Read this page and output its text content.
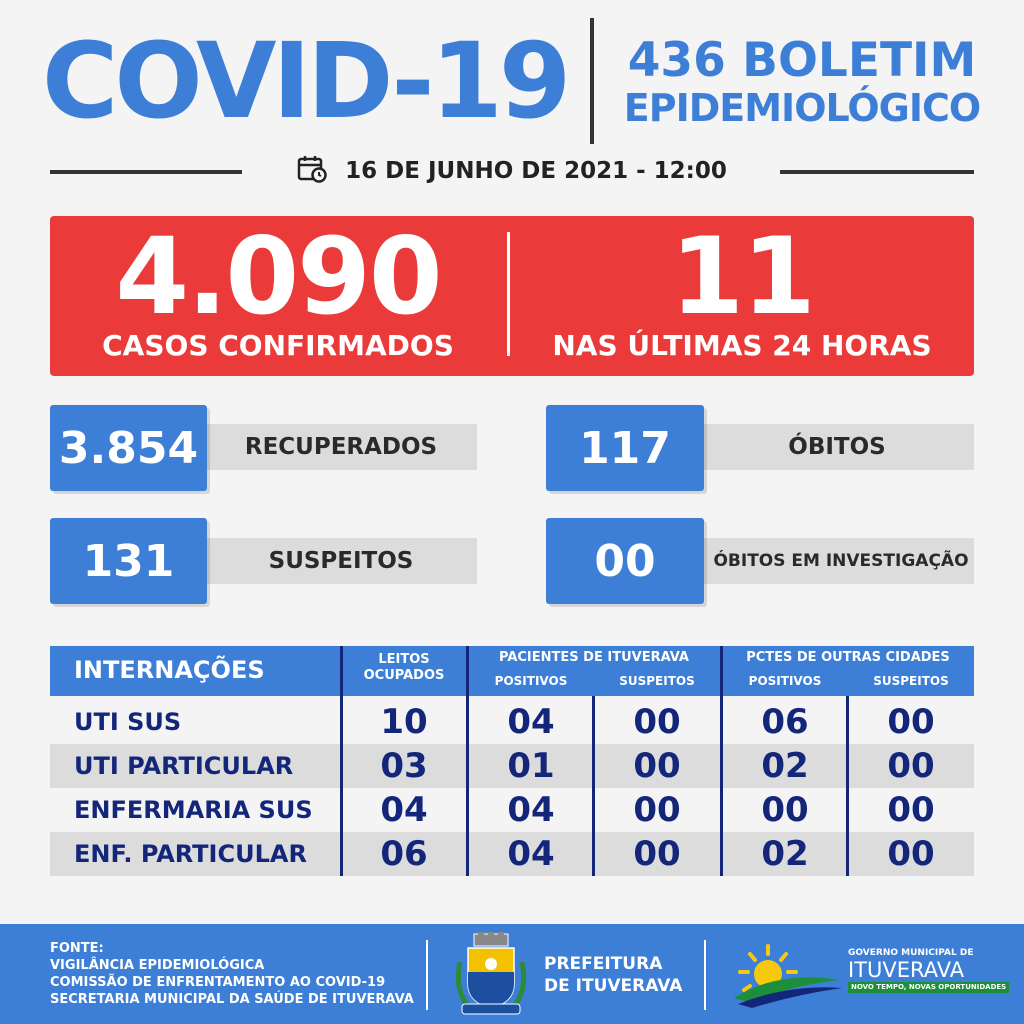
COVID-19 436 BOLETIM
EPIDEMIOLÓGICO
16 DE JUNHO DE 2021 - 12:00
4.090
CASOS CONFIRMADOS
11
NAS ÚLTIMAS 24 HORAS
RECUPERADOS
3.854	ÓBITOS
117
SUSPEITOS
131	ÓBITOS EM INVESTIGAÇÃO
00
INTERNAÇÕES	LEITOS
OCUPADOS
PACIENTES DE ITUVERAVA
POSITIVOS	SUSPEITOS
PCTES DE OUTRAS CIDADES
POSITIVOS	SUSPEITOS
UTI SUS	10	04	00	06	00
UTI PARTICULAR	03	01	00	02	00
ENFERMARIA SUS	04	04	00	00	00
ENF. PARTICULAR	06	04	00	02	00
FONTE:
VIGILÂNCIA EPIDEMIOLÓGICA
COMISSÃO DE ENFRENTAMENTO AO COVID-19
SECRETARIA MUNICIPAL DA SAÚDE DE ITUVERAVA
PREFEITURA
DE ITUVERAVA
GOVERNO MUNICIPAL DE
ITUVERAVA
NOVO TEMPO, NOVAS OPORTUNIDADES
